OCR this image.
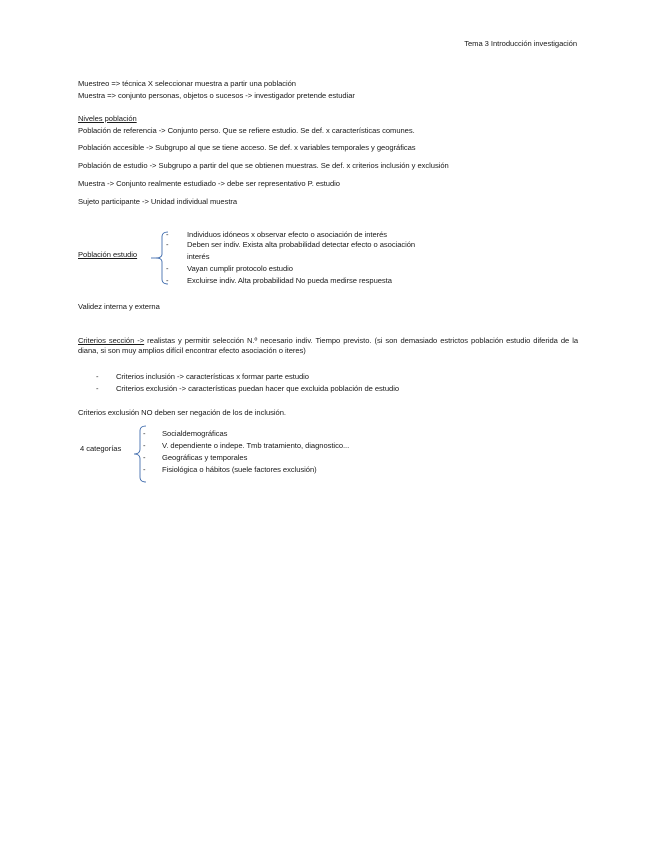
Tema 3 Introducción investigación
Muestreo => técnica X seleccionar muestra a partir una población
Muestra => conjunto personas, objetos o sucesos -> investigador pretende estudiar
Niveles población
Población de referencia -> Conjunto perso. Que se refiere estudio. Se def. x características comunes.
Población accesible -> Subgrupo al que se tiene acceso. Se def. x variables temporales y geográficas
Población de estudio -> Subgrupo a partir del que se obtienen muestras. Se def. x criterios inclusión y exclusión
Muestra -> Conjunto realmente estudiado -> debe ser representativo P. estudio
Sujeto participante -> Unidad individual muestra
Población estudio
- Individuos idóneos x observar efecto o asociación de interés
- Deben ser indiv. Exista alta probabilidad detectar efecto o asociación
interés
- Vayan cumplir protocolo estudio
- Excluirse indiv. Alta probabilidad No pueda medirse respuesta
Validez interna y externa
Criterios sección -> realistas y permitir selección N.º necesario indiv. Tiempo previsto. (si son demasiado estrictos población estudio diferida de la diana, si son muy amplios difícil encontrar efecto asociación o iteres)
- Criterios inclusión -> características x formar parte estudio
- Criterios exclusión -> características puedan hacer que excluida población de estudio
Criterios exclusión NO deben ser negación de los de inclusión.
4 categorías
- Socialdemográficas
- V. dependiente o indepe. Tmb tratamiento, diagnostico...
- Geográficas y temporales
- Fisiológica o hábitos (suele factores exclusión)
